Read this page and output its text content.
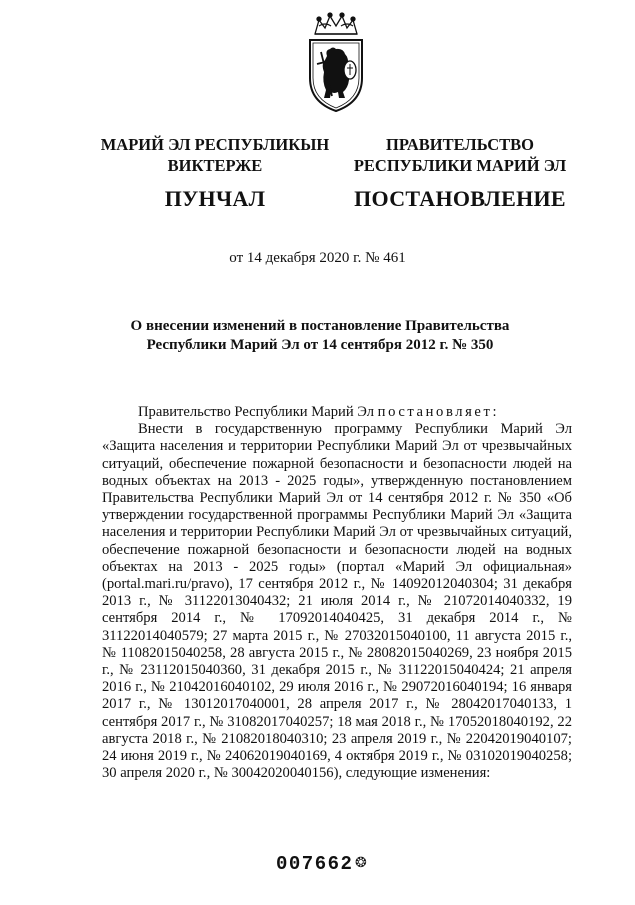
МАРИЙ ЭЛ РЕСПУБЛИКЫН
ВИКТЕРЖЕ
ПУНЧАЛ
ПРАВИТЕЛЬСТВО
РЕСПУБЛИКИ МАРИЙ ЭЛ
ПОСТАНОВЛЕНИЕ
от 14 декабря 2020 г. № 461
О внесении изменений в постановление Правительства
Республики Марий Эл от 14 сентября 2012 г. № 350

Правительство Республики Марий Эл постановляет:

Внести в государственную программу Республики Марий Эл «Защита населения и территории Республики Марий Эл от чрезвычайных ситуаций, обеспечение пожарной безопасности и безопасности людей на водных объектах на 2013 - 2025 годы», утвержденную постановлением Правительства Республики Марий Эл от 14 сентября 2012 г. № 350 «Об утверждении государственной программы Республики Марий Эл «Защита населения и территории Республики Марий Эл от чрезвычайных ситуаций, обеспечение пожарной безопасности и безопасности людей на водных объектах на 2013 - 2025 годы» (портал «Марий Эл официальная» (portal.mari.ru/pravo), 17 сентября 2012 г., № 14092012040304; 31 декабря 2013 г., № 31122013040432; 21 июля 2014 г., № 21072014040332, 19 сентября 2014 г., № 17092014040425, 31 декабря 2014 г., № 31122014040579; 27 марта 2015 г., № 27032015040100, 11 августа 2015 г., № 11082015040258, 28 августа 2015 г., № 28082015040269, 23 ноября 2015 г., № 23112015040360, 31 декабря 2015 г., № 31122015040424; 21 апреля 2016 г., № 21042016040102, 29 июля 2016 г., № 29072016040194; 16 января 2017 г., № 13012017040001, 28 апреля 2017 г., № 28042017040133, 1 сентября 2017 г., № 31082017040257; 18 мая 2018 г., № 17052018040192, 22 августа 2018 г., № 21082018040310; 23 апреля 2019 г., № 22042019040107; 24 июня 2019 г., № 24062019040169, 4 октября 2019 г., № 03102019040258; 30 апреля 2020 г., № 30042020040156), следующие изменения:

007662 ❂
